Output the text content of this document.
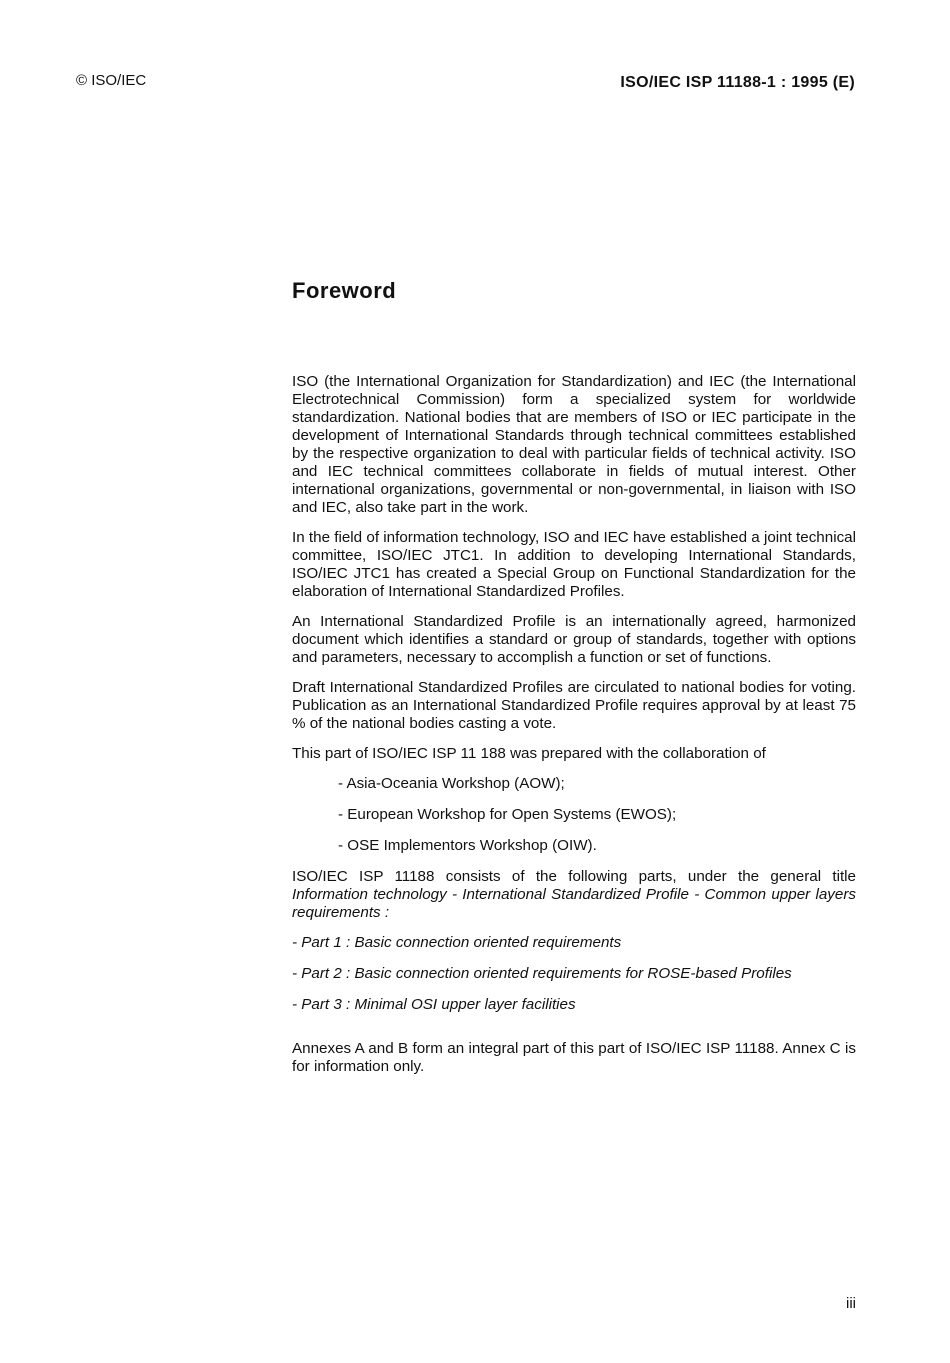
© ISO/IEC	ISO/IEC ISP 11188-1 : 1995 (E)
Foreword

ISO (the International Organization for Standardization) and IEC (the International Electrotechnical Commission) form a specialized system for worldwide standardization. National bodies that are members of ISO or IEC participate in the development of International Standards through technical committees established by the respective organization to deal with particular fields of technical activity. ISO and IEC technical committees collaborate in fields of mutual interest. Other international organizations, governmental or non-governmental, in liaison with ISO and IEC, also take part in the work.

In the field of information technology, ISO and IEC have established a joint technical committee, ISO/IEC JTC1. In addition to developing International Standards, ISO/IEC JTC1 has created a Special Group on Functional Standardization for the elaboration of International Standardized Profiles.

An International Standardized Profile is an internationally agreed, harmonized document which identifies a standard or group of standards, together with options and parameters, necessary to accomplish a function or set of functions.

Draft International Standardized Profiles are circulated to national bodies for voting. Publication as an International Standardized Profile requires approval by at least 75 % of the national bodies casting a vote.

This part of ISO/IEC ISP 11 188 was prepared with the collaboration of

- Asia-Oceania Workshop (AOW);

- European Workshop for Open Systems (EWOS);

- OSE Implementors Workshop (OIW).

ISO/IEC ISP 11188 consists of the following parts, under the general title Information technology - International Standardized Profile - Common upper layers requirements :

- Part 1 : Basic connection oriented requirements

- Part 2 : Basic connection oriented requirements for ROSE-based Profiles

- Part 3 : Minimal OSI upper layer facilities

Annexes A and B form an integral part of this part of ISO/IEC ISP 11188. Annex C is for information only.

iii
